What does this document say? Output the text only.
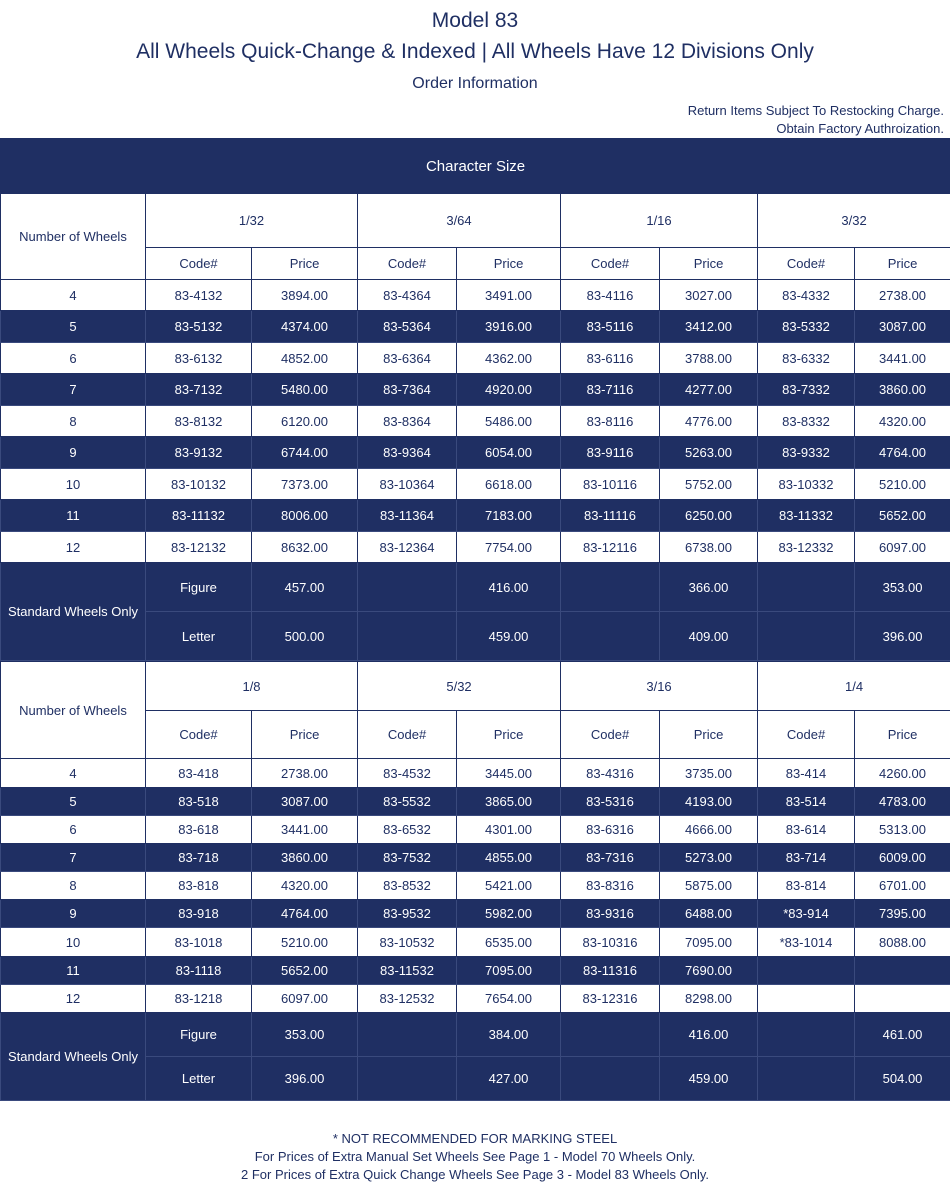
Model 83
All Wheels Quick-Change & Indexed | All Wheels Have 12 Divisions Only
Order Information
Return Items Subject To Restocking Charge.
Obtain Factory Authroization.
Character Size								
Number of Wheels	1/32		3/64		1/16		3/32	
	Code#	Price	Code#	Price	Code#	Price	Code#	Price
4	83-4132	3894.00	83-4364	3491.00	83-4116	3027.00	83-4332	2738.00
5	83-5132	4374.00	83-5364	3916.00	83-5116	3412.00	83-5332	3087.00
6	83-6132	4852.00	83-6364	4362.00	83-6116	3788.00	83-6332	3441.00
7	83-7132	5480.00	83-7364	4920.00	83-7116	4277.00	83-7332	3860.00
8	83-8132	6120.00	83-8364	5486.00	83-8116	4776.00	83-8332	4320.00
9	83-9132	6744.00	83-9364	6054.00	83-9116	5263.00	83-9332	4764.00
10	83-10132	7373.00	83-10364	6618.00	83-10116	5752.00	83-10332	5210.00
11	83-11132	8006.00	83-11364	7183.00	83-11116	6250.00	83-11332	5652.00
12	83-12132	8632.00	83-12364	7754.00	83-12116	6738.00	83-12332	6097.00
Standard Wheels Only	Figure	457.00		416.00		366.00		353.00
	Letter	500.00		459.00		409.00		396.00
Number of Wheels	1/8		5/32		3/16		1/4	
	Code#	Price	Code#	Price	Code#	Price	Code#	Price
4	83-418	2738.00	83-4532	3445.00	83-4316	3735.00	83-414	4260.00
5	83-518	3087.00	83-5532	3865.00	83-5316	4193.00	83-514	4783.00
6	83-618	3441.00	83-6532	4301.00	83-6316	4666.00	83-614	5313.00
7	83-718	3860.00	83-7532	4855.00	83-7316	5273.00	83-714	6009.00
8	83-818	4320.00	83-8532	5421.00	83-8316	5875.00	83-814	6701.00
9	83-918	4764.00	83-9532	5982.00	83-9316	6488.00	*83-914	7395.00
10	83-1018	5210.00	83-10532	6535.00	83-10316	7095.00	*83-1014	8088.00
11	83-1118	5652.00	83-11532	7095.00	83-11316	7690.00		
12	83-1218	6097.00	83-12532	7654.00	83-12316	8298.00		
Standard Wheels Only	Figure	353.00		384.00		416.00		461.00
	Letter	396.00		427.00		459.00		504.00
* NOT RECOMMENDED FOR MARKING STEEL
For Prices of Extra Manual Set Wheels See Page 1 - Model 70 Wheels Only.
2 For Prices of Extra Quick Change Wheels See Page 3 - Model 83 Wheels Only.
